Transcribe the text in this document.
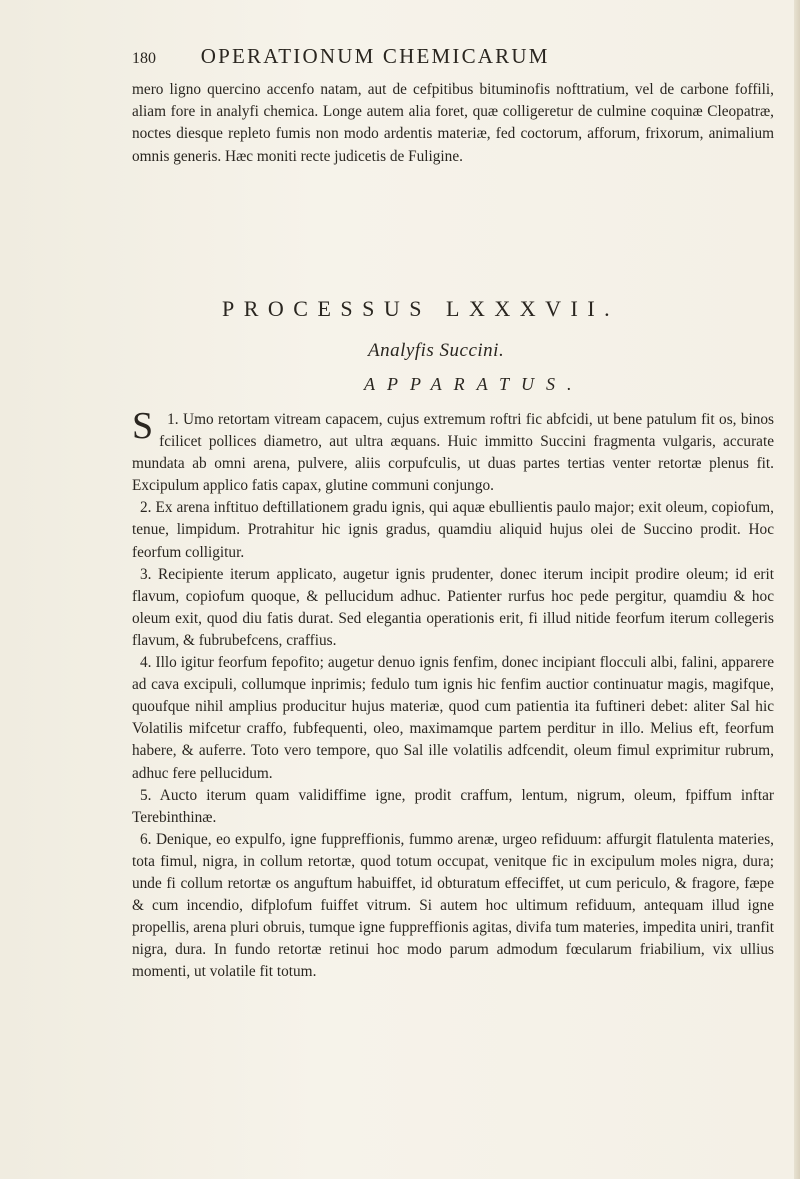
180 OPERATIONUM CHEMICARUM

mero ligno quercino accenfo natam, aut de cefpitibus bituminofis nofttratium, vel de carbone foffili, aliam fore in analyfi chemica. Longe autem alia foret, quæ colligeretur de culmine coquinæ Cleopatræ, noctes diesque repleto fumis non modo ardentis materiæ, fed coctorum, afforum, frixorum, animalium omnis generis. Hæc moniti recte judicetis de Fuligine.

PROCESSUS LXXXVII.
Analyfis Succini.
APPARATUS.

1.
S Umo retortam vitream capacem, cujus extremum roftri fic abfcidi, ut bene patulum fit os, binos fcilicet pollices diametro, aut ultra æquans. Huic immitto Succini fragmenta vulgaris, accurate mundata ab omni arena, pulvere, aliis corpufculis, ut duas partes tertias venter retortæ plenus fit. Excipulum applico fatis capax, glutine communi conjungo.

2. Ex arena inftituo deftillationem gradu ignis, qui aquæ ebullientis paulo major; exit oleum, copiofum, tenue, limpidum. Protrahitur hic ignis gradus, quamdiu aliquid hujus olei de Succino prodit. Hoc feorfum colligitur.

3. Recipiente iterum applicato, augetur ignis prudenter, donec iterum incipit prodire oleum; id erit flavum, copiofum quoque, & pellucidum adhuc. Patienter rurfus hoc pede pergitur, quamdiu & hoc oleum exit, quod diu fatis durat. Sed elegantia operationis erit, fi illud nitide feorfum iterum collegeris flavum, & fubrubefcens, craffius.

4. Illo igitur feorfum fepofito; augetur denuo ignis fenfim, donec incipiant flocculi albi, falini, apparere ad cava excipuli, collumque inprimis; fedulo tum ignis hic fenfim auctior continuatur magis, magifque, quoufque nihil amplius producitur hujus materiæ, quod cum patientia ita fuftineri debet: aliter Sal hic Volatilis mifcetur craffo, fubfequenti, oleo, maximamque partem perditur in illo. Melius eft, feorfum habere, & auferre. Toto vero tempore, quo Sal ille volatilis adfcendit, oleum fimul exprimitur rubrum, adhuc fere pellucidum.

5. Aucto iterum quam validiffime igne, prodit craffum, lentum, nigrum, oleum, fpiffum inftar Terebinthinæ.

6. Denique, eo expulfo, igne fuppreffionis, fummo arenæ, urgeo refiduum: affurgit flatulenta materies, tota fimul, nigra, in collum retortæ, quod totum occupat, venitque fic in excipulum moles nigra, dura; unde fi collum retortæ os anguftum habuiffet, id obturatum effeciffet, ut cum periculo, & fragore, fæpe & cum incendio, difplofum fuiffet vitrum. Si autem hoc ultimum refiduum, antequam illud igne propellis, arena pluri obruis, tumque igne fuppreffionis agitas, divifa tum materies, impedita uniri, tranfit nigra, dura. In fundo retortæ retinui hoc modo parum admodum fœcularum friabilium, vix ullius momenti, ut volatile fit totum.
